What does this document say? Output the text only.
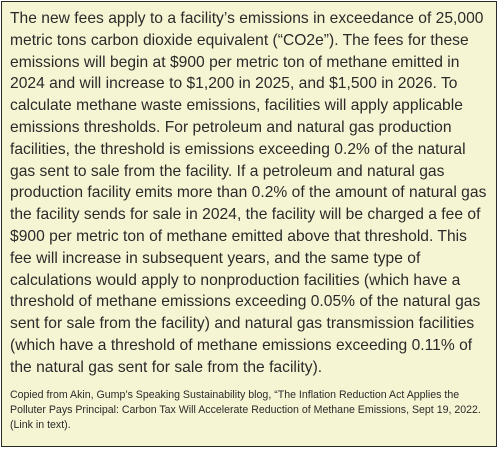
The new fees apply to a facility’s emissions in exceedance of 25,000 metric tons carbon dioxide equivalent (“CO2e”). The fees for these emissions will begin at $900 per metric ton of methane emitted in 2024 and will increase to $1,200 in 2025, and $1,500 in 2026. To calculate methane waste emissions, facilities will apply applicable emissions thresholds. For petroleum and natural gas production facilities, the threshold is emissions exceeding 0.2% of the natural gas sent to sale from the facility. If a petroleum and natural gas production facility emits more than 0.2% of the amount of natural gas the facility sends for sale in 2024, the facility will be charged a fee of $900 per metric ton of methane emitted above that threshold. This fee will increase in subsequent years, and the same type of calculations would apply to nonproduction facilities (which have a threshold of methane emissions exceeding 0.05% of the natural gas sent for sale from the facility) and natural gas transmission facilities (which have a threshold of methane emissions exceeding 0.11% of the natural gas sent for sale from the facility).

Copied from Akin, Gump’s Speaking Sustainability blog, “The Inflation Reduction Act Applies the Polluter Pays Principal: Carbon Tax Will Accelerate Reduction of Methane Emissions, Sept 19, 2022. (Link in text).
